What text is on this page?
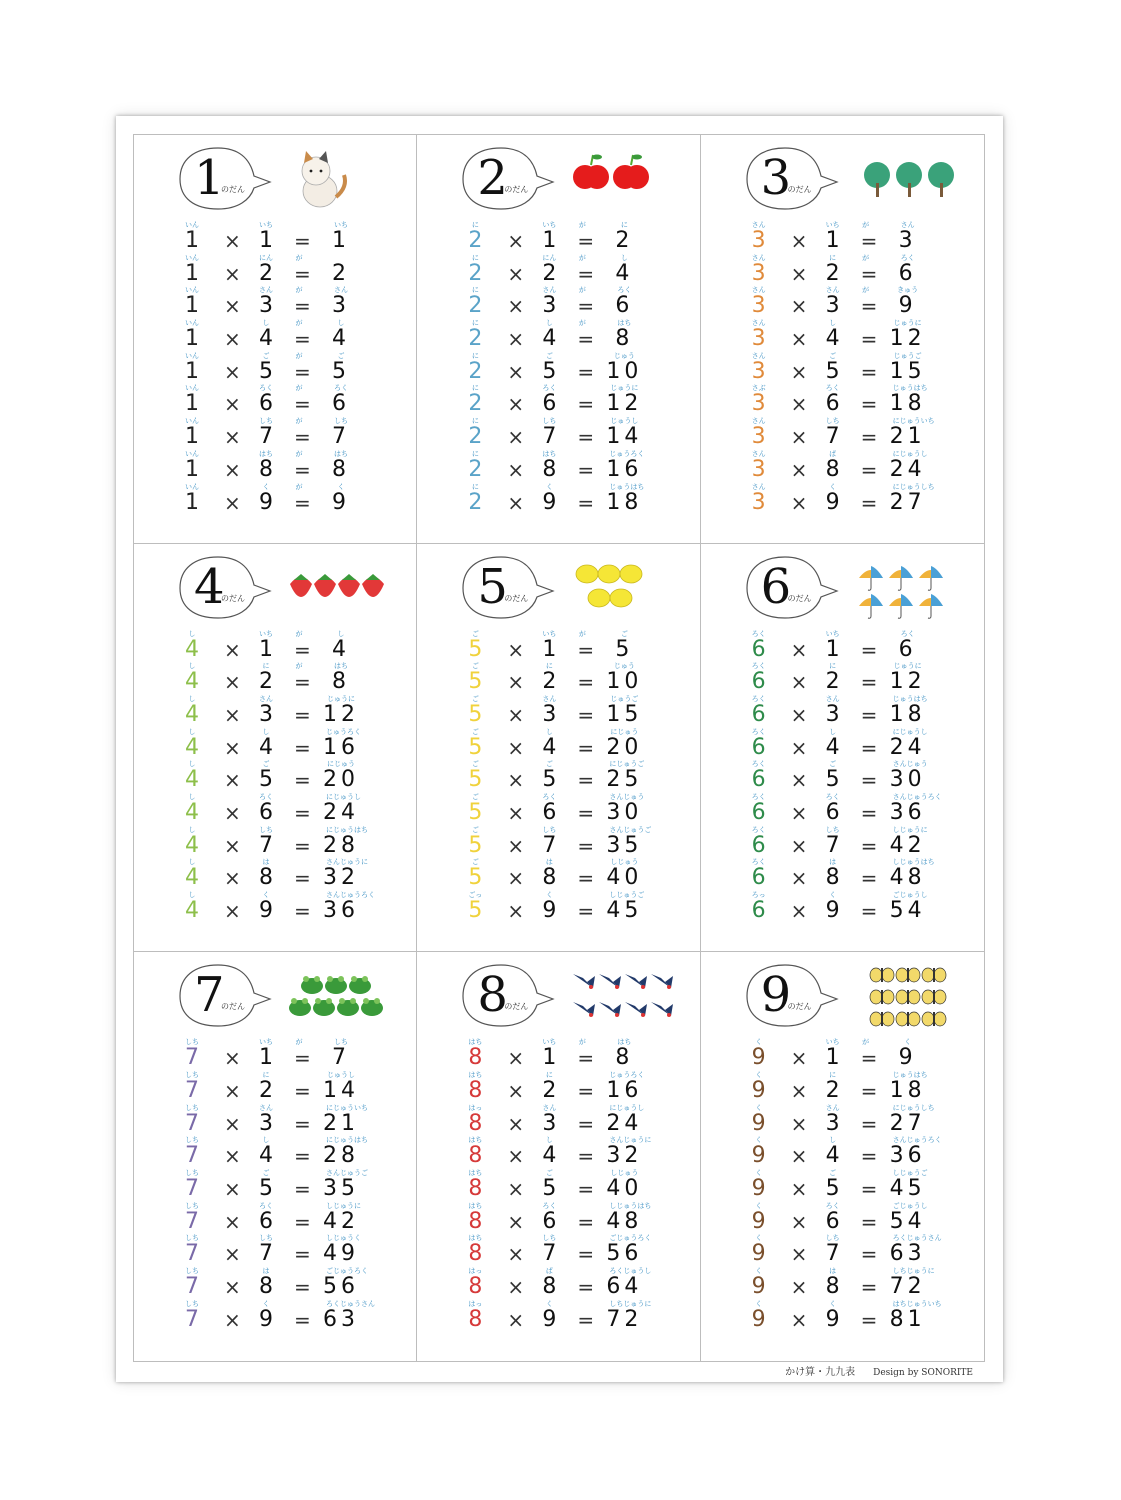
1
のだん
いん	いち	いち
1 × 1 = 1
いん	にん	が
1 × 2 = 2
いん	さん	が	さん
1 × 3 = 3
いん	し	が	し
1 × 4 = 4
いん	ご	が	ご
1 × 5 = 5
いん	ろく	が	ろく
1 × 6 = 6
いん	しち	が	しち
1 × 7 = 7
いん	はち	が	はち
1 × 8 = 8
いん	く	が	く
1 × 9 = 9
2
のだん
に	いち	が	に
2 × 1 = 2
に	にん	が	し
2 × 2 = 4
に	さん	が	ろく
2 × 3 = 6
に	し	が	はち
2 × 4 = 8
に	ご	じゅう
2 × 5 = 10
に	ろく	じゅうに
2 × 6 = 12
に	しち	じゅうし
2 × 7 = 14
に	はち	じゅうろく
2 × 8 = 16
に	く	じゅうはち
2 × 9 = 18
3
のだん
さん	いち	が	さん
3 × 1 = 3
さん	に	が	ろく
3 × 2 = 6
さん	さん	が	きゅう
3 × 3 = 9
さん	し	じゅうに
3 × 4 = 12
さん	ご	じゅうご
3 × 5 = 15
さぶ	ろく	じゅうはち
3 × 6 = 18
さん	しち	にじゅういち
3 × 7 = 21
さん	ぱ	にじゅうし
3 × 8 = 24
さん	く	にじゅうしち
3 × 9 = 27
4
のだん
し	いち	が	し
4 × 1 = 4
し	に	が	はち
4 × 2 = 8
し	さん	じゅうに
4 × 3 = 12
し	し	じゅうろく
4 × 4 = 16
し	ご	にじゅう
4 × 5 = 20
し	ろく	にじゅうし
4 × 6 = 24
し	しち	にじゅうはち
4 × 7 = 28
し	は	さんじゅうに
4 × 8 = 32
し	く	さんじゅうろく
4 × 9 = 36
5
のだん
ご	いち	が	ご
5 × 1 = 5
ご	に	じゅう
5 × 2 = 10
ご	さん	じゅうご
5 × 3 = 15
ご	し	にじゅう
5 × 4 = 20
ご	ご	にじゅうご
5 × 5 = 25
ご	ろく	さんじゅう
5 × 6 = 30
ご	しち	さんじゅうご
5 × 7 = 35
ご	は	しじゅう
5 × 8 = 40
ごっ	く	しじゅうご
5 × 9 = 45
6
のだん
ろく	いち	ろく
6 × 1 = 6
ろく	に	じゅうに
6 × 2 = 12
ろく	さん	じゅうはち
6 × 3 = 18
ろく	し	にじゅうし
6 × 4 = 24
ろく	ご	さんじゅう
6 × 5 = 30
ろく	ろく	さんじゅうろく
6 × 6 = 36
ろく	しち	しじゅうに
6 × 7 = 42
ろく	は	しじゅうはち
6 × 8 = 48
ろっ	く	ごじゅうし
6 × 9 = 54
7
のだん
しち	いち	が	しち
7 × 1 = 7
しち	に	じゅうし
7 × 2 = 14
しち	さん	にじゅういち
7 × 3 = 21
しち	し	にじゅうはち
7 × 4 = 28
しち	ご	さんじゅうご
7 × 5 = 35
しち	ろく	しじゅうに
7 × 6 = 42
しち	しち	しじゅうく
7 × 7 = 49
しち	は	ごじゅうろく
7 × 8 = 56
しち	く	ろくじゅうさん
7 × 9 = 63
8
のだん
はち	いち	が	はち
8 × 1 = 8
はち	に	じゅうろく
8 × 2 = 16
はっ	さん	にじゅうし
8 × 3 = 24
はち	し	さんじゅうに
8 × 4 = 32
はち	ご	しじゅう
8 × 5 = 40
はち	ろく	しじゅうはち
8 × 6 = 48
はち	しち	ごじゅうろく
8 × 7 = 56
はっ	ぱ	ろくじゅうし
8 × 8 = 64
はっ	く	しちじゅうに
8 × 9 = 72
9
のだん
く	いち	が	く
9 × 1 = 9
く	に	じゅうはち
9 × 2 = 18
く	さん	にじゅうしち
9 × 3 = 27
く	し	さんじゅうろく
9 × 4 = 36
く	ご	しじゅうご
9 × 5 = 45
く	ろく	ごじゅうし
9 × 6 = 54
く	しち	ろくじゅうさん
9 × 7 = 63
く	は	しちじゅうに
9 × 8 = 72
く	く	はちじゅういち
9 × 9 = 81
かけ算・九九表 Design by SONORITE
